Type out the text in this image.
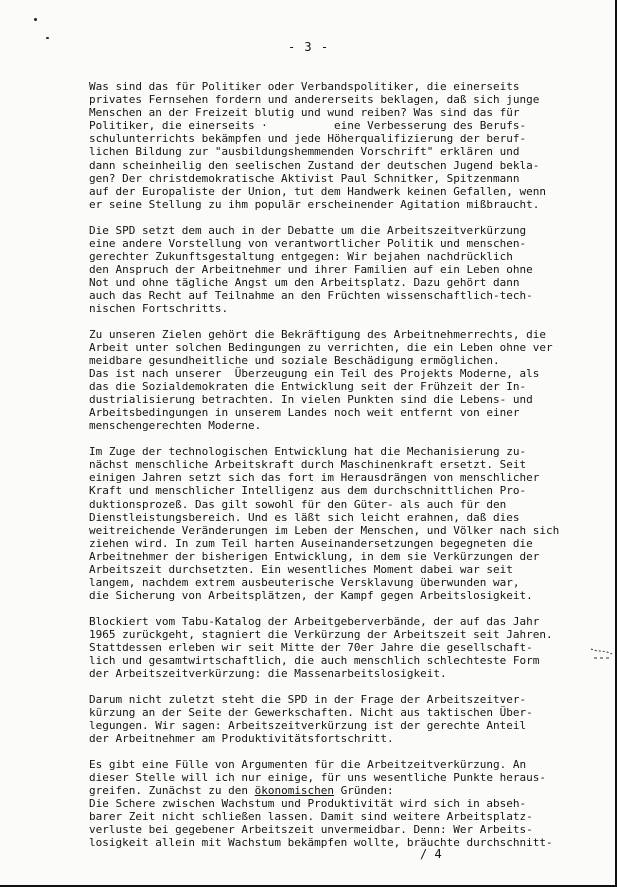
- 3 -

Was sind das für Politiker oder Verbandspolitiker, die einerseits
privates Fernsehen fordern und andererseits beklagen, daß sich junge
Menschen an der Freizeit blutig und wund reiben? Was sind das für
Politiker, die einerseits ·          eine Verbesserung des Berufs-
schulunterrichts bekämpfen und jede Höherqualifizierung der beruf-
lichen Bildung zur "ausbildungshemmenden Vorschrift" erklären und
dann scheinheilig den seelischen Zustand der deutschen Jugend bekla-
gen? Der christdemokratische Aktivist Paul Schnitker, Spitzenmann
auf der Europaliste der Union, tut dem Handwerk keinen Gefallen, wenn
er seine Stellung zu ihm populär erscheinender Agitation mißbraucht.

Die SPD setzt dem auch in der Debatte um die Arbeitszeitverkürzung
eine andere Vorstellung von verantwortlicher Politik und menschen-
gerechter Zukunftsgestaltung entgegen: Wir bejahen nachdrücklich
den Anspruch der Arbeitnehmer und ihrer Familien auf ein Leben ohne
Not und ohne tägliche Angst um den Arbeitsplatz. Dazu gehört dann
auch das Recht auf Teilnahme an den Früchten wissenschaftlich-tech-
nischen Fortschritts.

Zu unseren Zielen gehört die Bekräftigung des Arbeitnehmerrechts, die
Arbeit unter solchen Bedingungen zu verrichten, die ein Leben ohne ver
meidbare gesundheitliche und soziale Beschädigung ermöglichen.
Das ist nach unserer  Überzeugung ein Teil des Projekts Moderne, als
das die Sozialdemokraten die Entwicklung seit der Frühzeit der In-
dustrialisierung betrachten. In vielen Punkten sind die Lebens- und
Arbeitsbedingungen in unserem Landes noch weit entfernt von einer
menschengerechten Moderne.

Im Zuge der technologischen Entwicklung hat die Mechanisierung zu-
nächst menschliche Arbeitskraft durch Maschinenkraft ersetzt. Seit
einigen Jahren setzt sich das fort im Herausdrängen von menschlicher
Kraft und menschlicher Intelligenz aus dem durchschnittlichen Pro-
duktionsprozeß. Das gilt sowohl für den Güter- als auch für den
Dienstleistungsbereich. Und es läßt sich leicht erahnen, daß dies
weitreichende Veränderungen im Leben der Menschen, und Völker nach sich
ziehen wird. In zum Teil harten Auseinandersetzungen begegneten die
Arbeitnehmer der bisherigen Entwicklung, in dem sie Verkürzungen der
Arbeitszeit durchsetzten. Ein wesentliches Moment dabei war seit
langem, nachdem extrem ausbeuterische Versklavung überwunden war,
die Sicherung von Arbeitsplätzen, der Kampf gegen Arbeitslosigkeit.

Blockiert vom Tabu-Katalog der Arbeitgeberverbände, der auf das Jahr
1965 zurückgeht, stagniert die Verkürzung der Arbeitszeit seit Jahren.
Stattdessen erleben wir seit Mitte der 70er Jahre die gesellschaft-
lich und gesamtwirtschaftlich, die auch menschlich schlechteste Form
der Arbeitszeitverkürzung: die Massenarbeitslosigkeit.

Darum nicht zuletzt steht die SPD in der Frage der Arbeitszeitver-
kürzung an der Seite der Gewerkschaften. Nicht aus taktischen Über-
legungen. Wir sagen: Arbeitszeitverkürzung ist der gerechte Anteil
der Arbeitnehmer am Produktivitätsfortschritt.

Es gibt eine Fülle von Argumenten für die Arbeitzeitverkürzung. An
dieser Stelle will ich nur einige, für uns wesentliche Punkte heraus-
greifen. Zunächst zu den ökonomischen Gründen:
Die Schere zwischen Wachstum und Produktivität wird sich in abseh-
barer Zeit nicht schließen lassen. Damit sind weitere Arbeitsplatz-
verluste bei gegebener Arbeitszeit unvermeidbar. Denn: Wer Arbeits-
losigkeit allein mit Wachstum bekämpfen wollte, bräuchte durchschnitt-

/ 4
